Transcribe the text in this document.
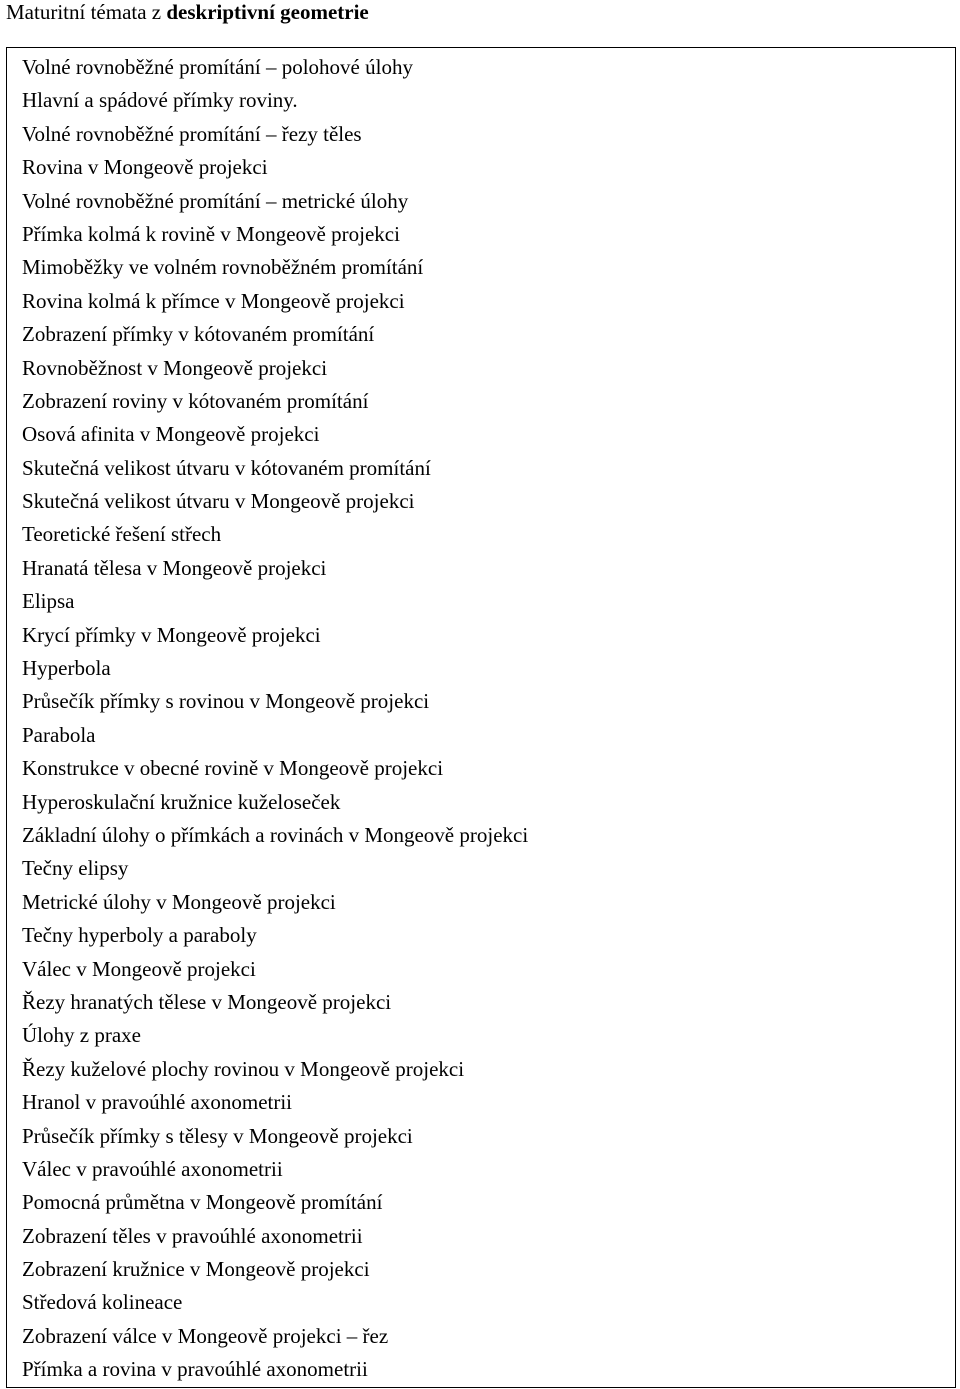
Maturitní témata z deskriptivní geometrie
Volné rovnoběžné promítání – polohové úlohy
Hlavní a spádové přímky roviny.
Volné rovnoběžné promítání – řezy těles
Rovina v Mongeově projekci
Volné rovnoběžné promítání – metrické úlohy
Přímka kolmá k rovině v Mongeově projekci
Mimoběžky ve volném rovnoběžném promítání
Rovina kolmá k přímce v Mongeově projekci
Zobrazení přímky v kótovaném promítání
Rovnoběžnost v Mongeově projekci
Zobrazení roviny v kótovaném promítání
Osová afinita v Mongeově projekci
Skutečná velikost útvaru v kótovaném promítání
Skutečná velikost útvaru v Mongeově projekci
Teoretické řešení střech
Hranatá tělesa v Mongeově projekci
Elipsa
Krycí přímky v Mongeově projekci
Hyperbola
Průsečík přímky s rovinou v Mongeově projekci
Parabola
Konstrukce v obecné rovině v Mongeově projekci
Hyperoskulační kružnice kuželoseček
Základní úlohy o přímkách a rovinách v Mongeově projekci
Tečny elipsy
Metrické úlohy v Mongeově projekci
Tečny hyperboly a paraboly
Válec v Mongeově projekci
Řezy hranatých tělese v Mongeově projekci
Úlohy z praxe
Řezy kuželové plochy rovinou v Mongeově projekci
Hranol v pravoúhlé axonometrii
Průsečík přímky s tělesy v Mongeově projekci
Válec v pravoúhlé axonometrii
Pomocná průmětna v Mongeově promítání
Zobrazení těles v pravoúhlé axonometrii
Zobrazení kružnice v Mongeově projekci
Středová kolineace
Zobrazení válce v Mongeově projekci – řez
Přímka a rovina v pravoúhlé axonometrii
